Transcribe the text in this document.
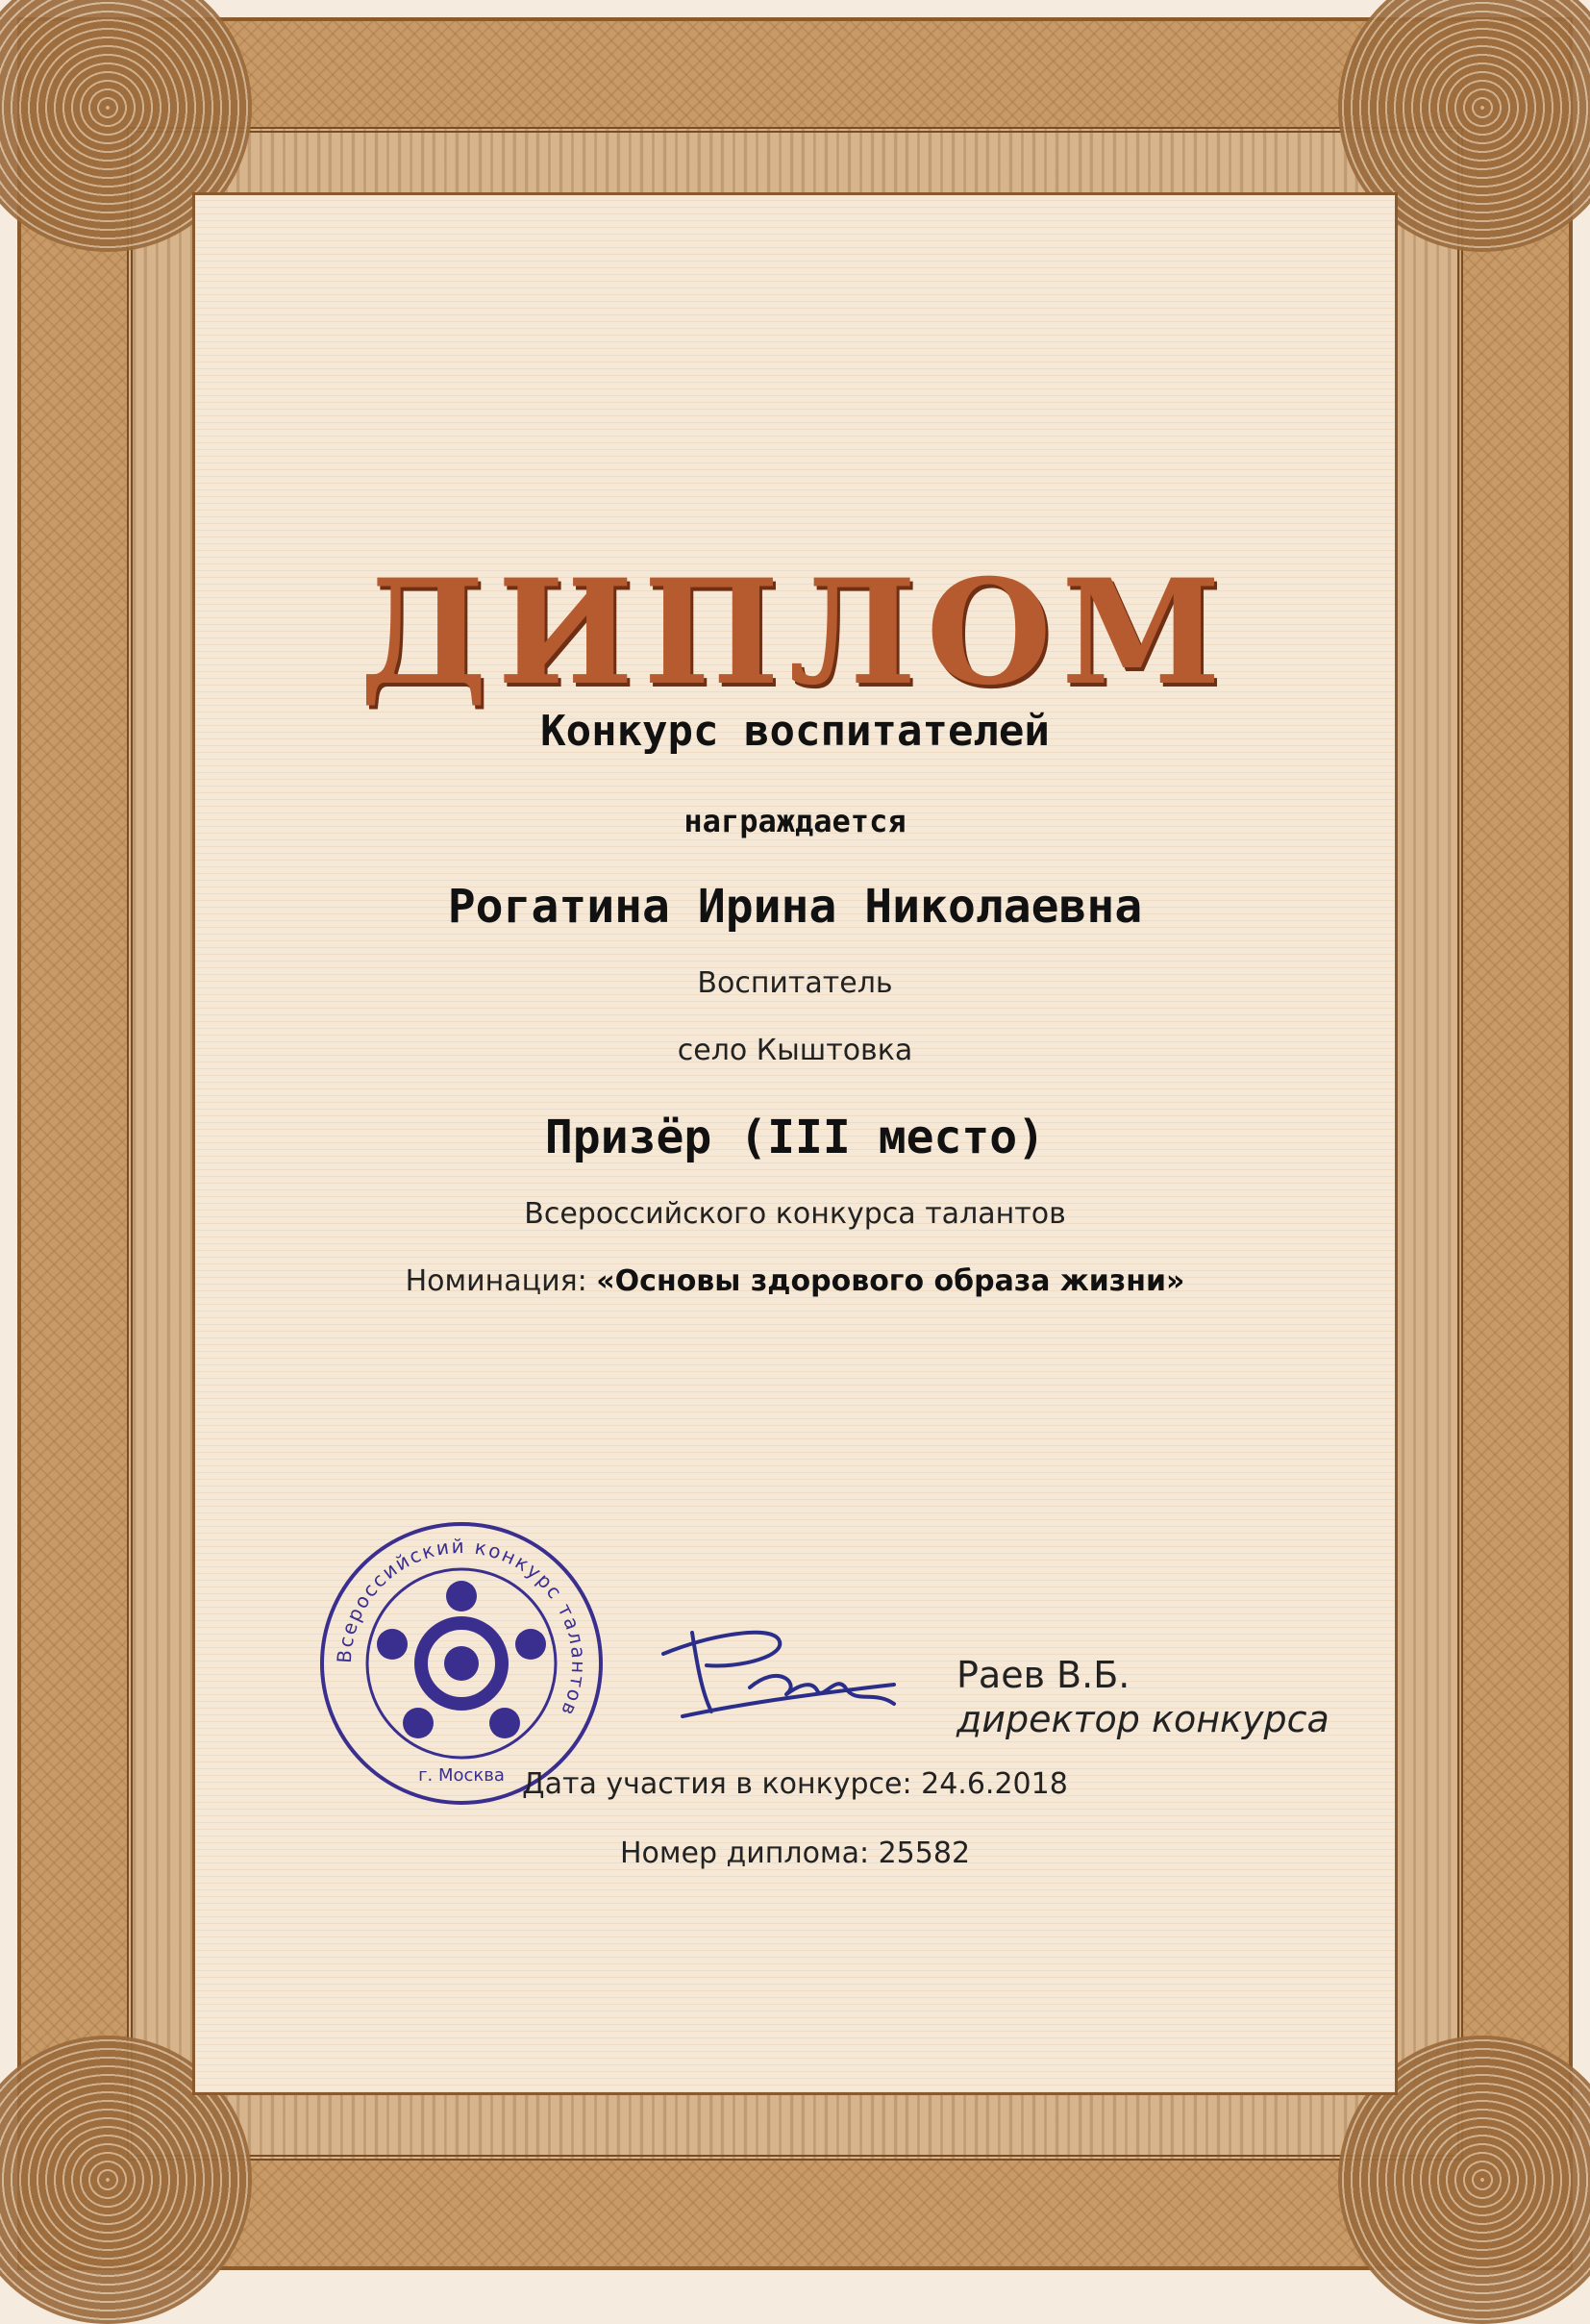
ДИПЛОМ
Конкурс воспитателей
награждается
Рогатина Ирина Николаевна
Воспитатель
село Кыштовка
Призёр (III место)
Всероссийского конкурса талантов
Номинация: «Основы здорового образа жизни»
Всероссийский конкурс талантов
г. Москва
Раев В.Б.
директор конкурса
Дата участия в конкурсе: 24.6.2018
Номер диплома: 25582
